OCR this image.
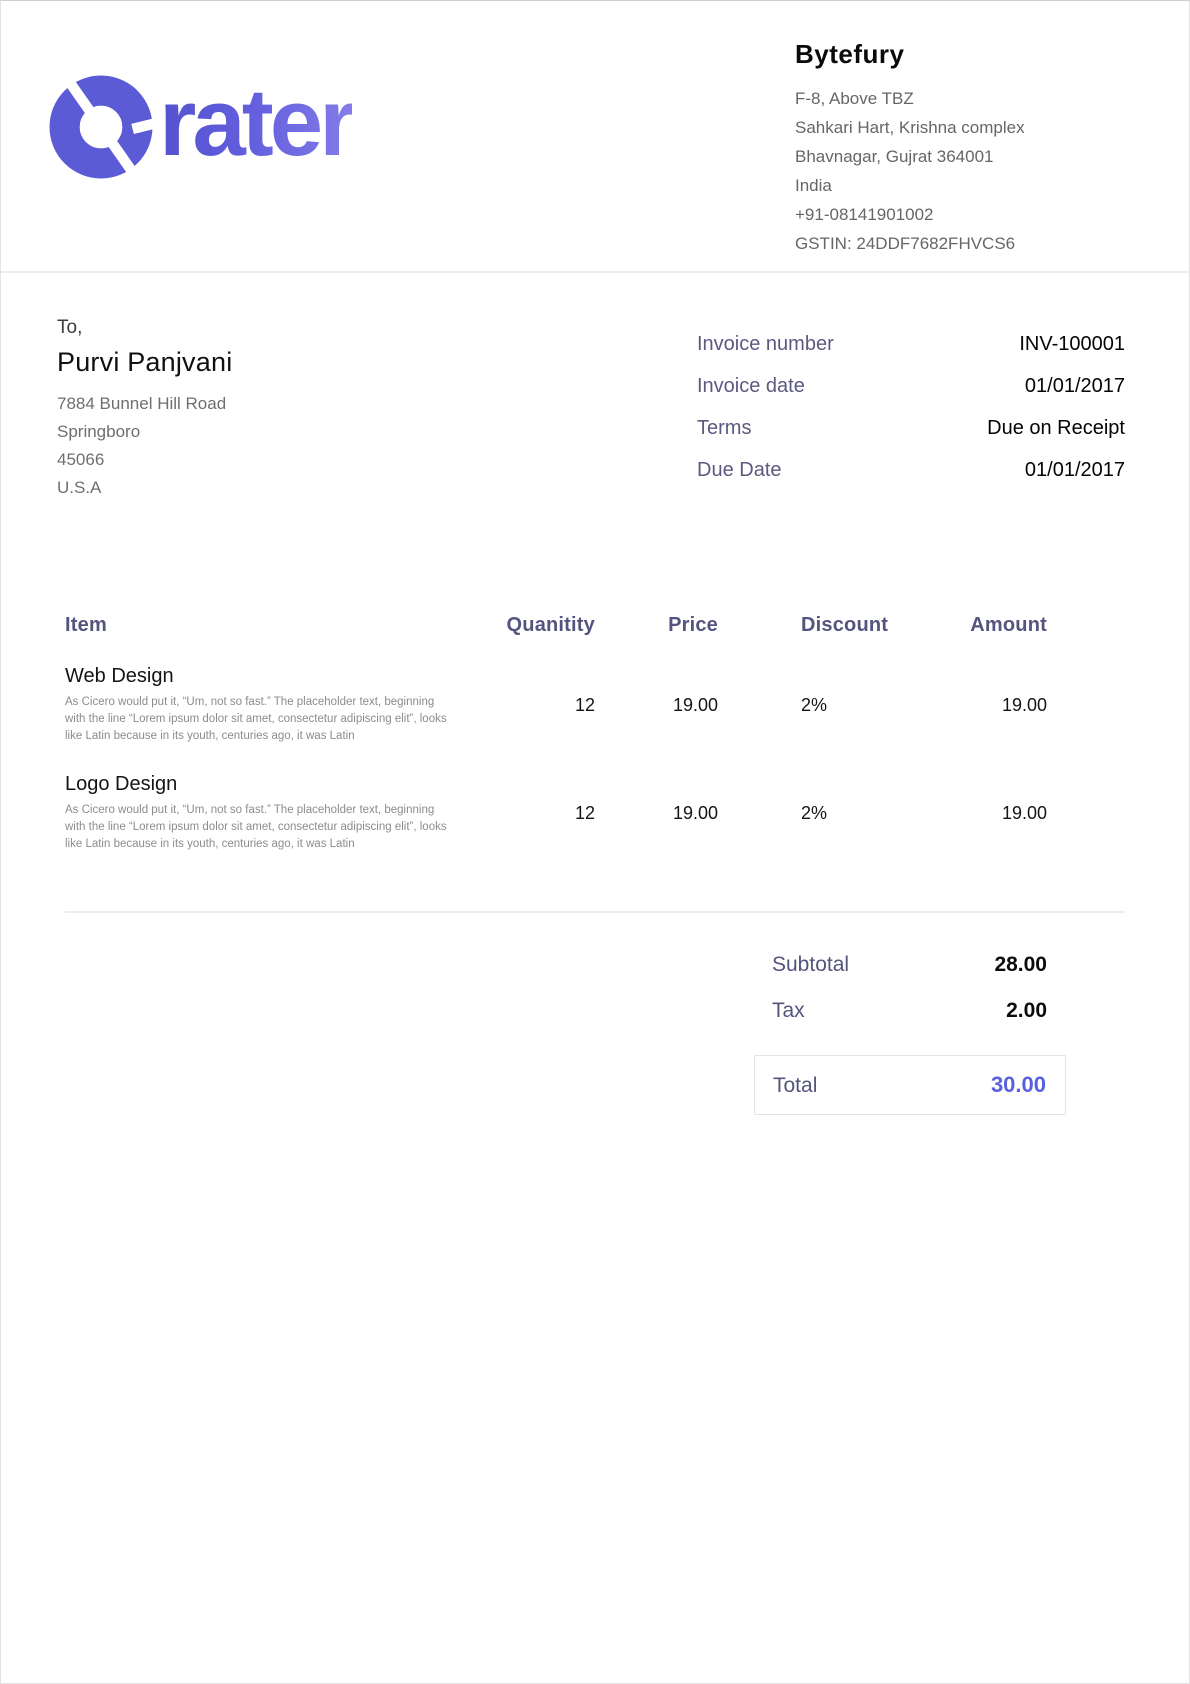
rater
Bytefury
F-8, Above TBZ
Sahkari Hart, Krishna complex
Bhavnagar, Gujrat 364001
India
+91-08141901002
GSTIN: 24DDF7682FHVCS6
To,
Purvi Panjvani
7884 Bunnel Hill Road
Springboro
45066
U.S.A
Invoice number	INV-100001
Invoice date	01/01/2017
Terms	Due on Receipt
Due Date	01/01/2017
Item	Quanitity	Price	Discount	Amount
Web Design
As Cicero would put it, “Um, not so fast.” The placeholder text, beginning with the line “Lorem ipsum dolor sit amet, consectetur adipiscing elit”, looks like Latin because in its youth, centuries ago, it was Latin
12	19.00	2%	19.00
Logo Design
As Cicero would put it, “Um, not so fast.” The placeholder text, beginning with the line “Lorem ipsum dolor sit amet, consectetur adipiscing elit”, looks like Latin because in its youth, centuries ago, it was Latin
12	19.00	2%	19.00
Subtotal	28.00
Tax	2.00
Total	30.00
